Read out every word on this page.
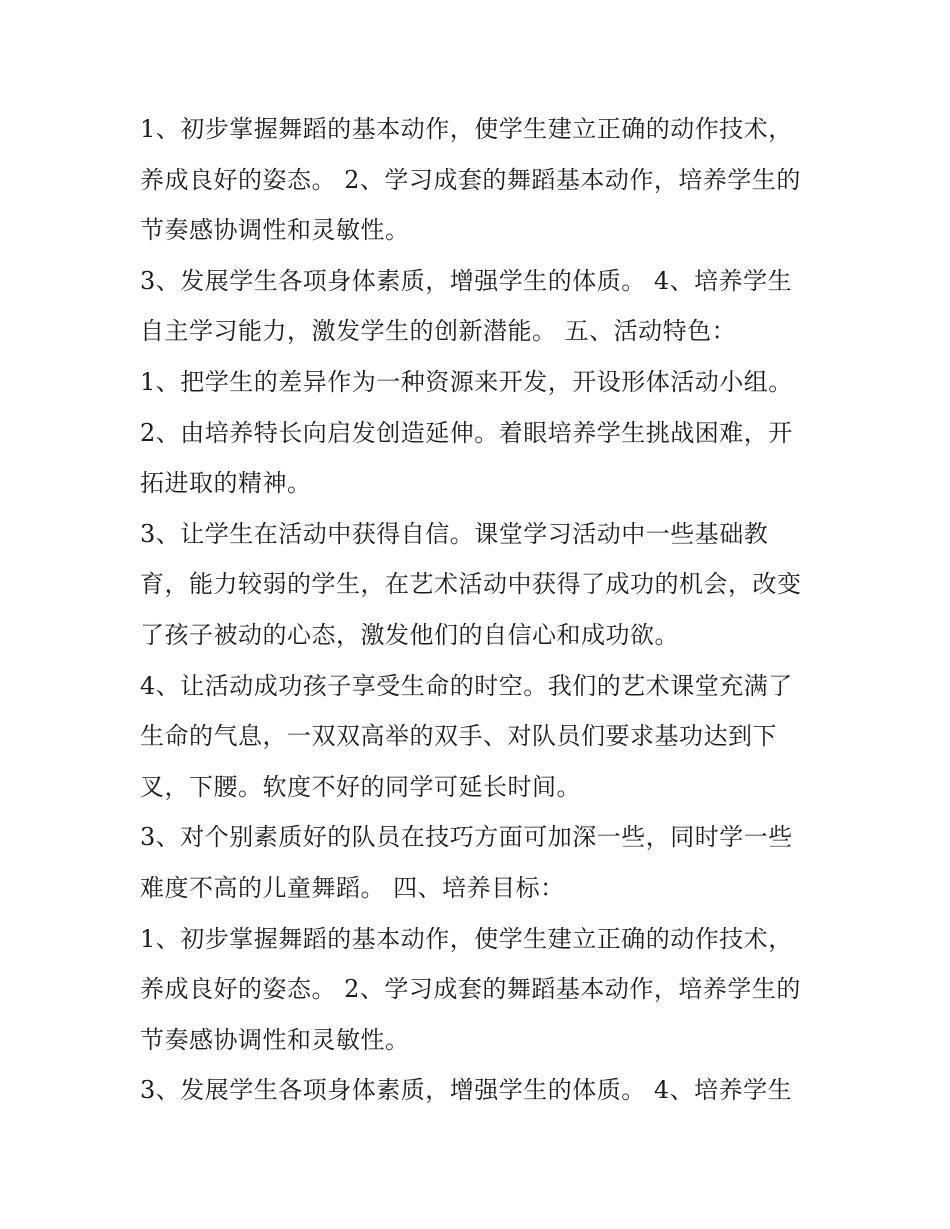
1、初步掌握舞蹈的基本动作，使学生建立正确的动作技术，

养成良好的姿态。 2、学习成套的舞蹈基本动作，培养学生的

节奏感协调性和灵敏性。

3、发展学生各项身体素质，增强学生的体质。 4、培养学生

自主学习能力，激发学生的创新潜能。 五、活动特色：

1、把学生的差异作为一种资源来开发，开设形体活动小组。

2、由培养特长向启发创造延伸。着眼培养学生挑战困难，开

拓进取的精神。

3、让学生在活动中获得自信。课堂学习活动中一些基础教

育，能力较弱的学生，在艺术活动中获得了成功的机会，改变

了孩子被动的心态，激发他们的自信心和成功欲。

4、让活动成功孩子享受生命的时空。我们的艺术课堂充满了

生命的气息，一双双高举的双手、对队员们要求基功达到下

叉，下腰。软度不好的同学可延长时间。

3、对个别素质好的队员在技巧方面可加深一些，同时学一些

难度不高的儿童舞蹈。 四、培养目标：

1、初步掌握舞蹈的基本动作，使学生建立正确的动作技术，

养成良好的姿态。 2、学习成套的舞蹈基本动作，培养学生的

节奏感协调性和灵敏性。

3、发展学生各项身体素质，增强学生的体质。 4、培养学生
